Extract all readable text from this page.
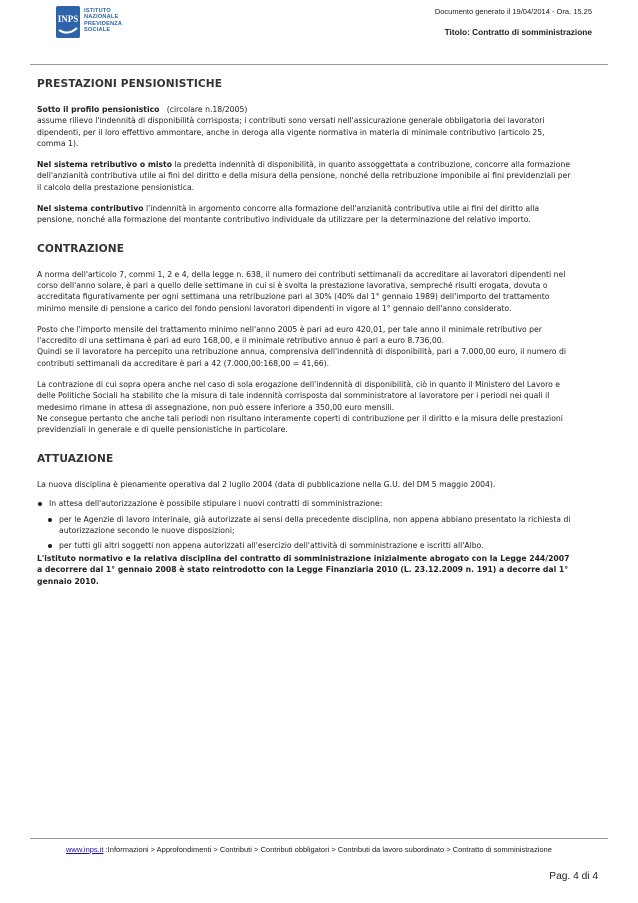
INPS
ISTITUTO
NAZIONALE
PREVIDENZA
SOCIALE
Documento generato il 19/04/2014 - Ora. 15.25
Titolo: Contratto di somministrazione
PRESTAZIONI PENSIONISTICHE

Sotto il profilo pensionistico (circolare n.18/2005)
assume rilievo l'indennità di disponibilità corrisposta; i contributi sono versati nell'assicurazione generale obbligatoria dei lavoratori dipendenti, per il loro effettivo ammontare, anche in deroga alla vigente normativa in materia di minimale contributivo (articolo 25, comma 1).

Nel sistema retributivo o misto la predetta indennità di disponibilità, in quanto assoggettata a contribuzione, concorre alla formazione dell'anzianità contributiva utile ai fini del diritto e della misura della pensione, nonché della retribuzione imponibile ai fini previdenziali per il calcolo della prestazione pensionistica.

Nel sistema contributivo l'indennità in argomento concorre alla formazione dell'anzianità contributiva utile ai fini del diritto alla pensione, nonché alla formazione del montante contributivo individuale da utilizzare per la determinazione del relativo importo.

CONTRAZIONE

A norma dell'articolo 7, commi 1, 2 e 4, della legge n. 638, il numero dei contributi settimanali da accreditare ai lavoratori dipendenti nel corso dell'anno solare, è pari a quello delle settimane in cui si è svolta la prestazione lavorativa, sempreché risulti erogata, dovuta o accreditata figurativamente per ogni settimana una retribuzione pari al 30% (40% dal 1° gennaio 1989) dell'importo del trattamento minimo mensile di pensione a carico del fondo pensioni lavoratori dipendenti in vigore al 1° gennaio dell'anno considerato.

Posto che l'importo mensile del trattamento minimo nell'anno 2005 è pari ad euro 420,01, per tale anno il minimale retributivo per l'accredito di una settimana è pari ad euro 168,00, e il minimale retributivo annuo è pari a euro 8.736,00.
Quindi se il lavoratore ha percepito una retribuzione annua, comprensiva dell'indennità di disponibilità, pari a 7.000,00 euro, il numero di contributi settimanali da accreditare è pari a 42 (7.000,00:168,00 = 41,66).

La contrazione di cui sopra opera anche nel caso di sola erogazione dell'indennità di disponibilità, ciò in quanto il Ministero del Lavoro e delle Politiche Sociali ha stabilito che la misura di tale indennità corrisposta dal somministratore al lavoratore per i periodi nei quali il medesimo rimane in attesa di assegnazione, non può essere inferiore a 350,00 euro mensili.
Ne consegue pertanto che anche tali periodi non risultano interamente coperti di contribuzione per il diritto e la misura delle prestazioni previdenziali in generale e di quelle pensionistiche in particolare.

ATTUAZIONE

La nuova disciplina è pienamente operativa dal 2 luglio 2004 (data di pubblicazione nella G.U. del DM 5 maggio 2004).

In attesa dell'autorizzazione è possibile stipulare i nuovi contratti di somministrazione:
per le Agenzie di lavoro interinale, già autorizzate ai sensi della precedente disciplina, non appena abbiano presentato la richiesta di autorizzazione secondo le nuove disposizioni;
per tutti gli altri soggetti non appena autorizzati all'esercizio dell'attività di somministrazione e iscritti all'Albo.

L'istituto normativo e la relativa disciplina del contratto di somministrazione inizialmente abrogato con la Legge 244/2007 a decorrere dal 1° gennaio 2008 è stato reintrodotto con la Legge Finanziaria 2010 (L. 23.12.2009 n. 191) a decorre dal 1° gennaio 2010.

www.inps.it :Informazioni > Approfondimenti > Contributi > Contributi obbligatori > Contributi da lavoro subordinato > Contratto di somministrazione
Pag. 4 di 4
